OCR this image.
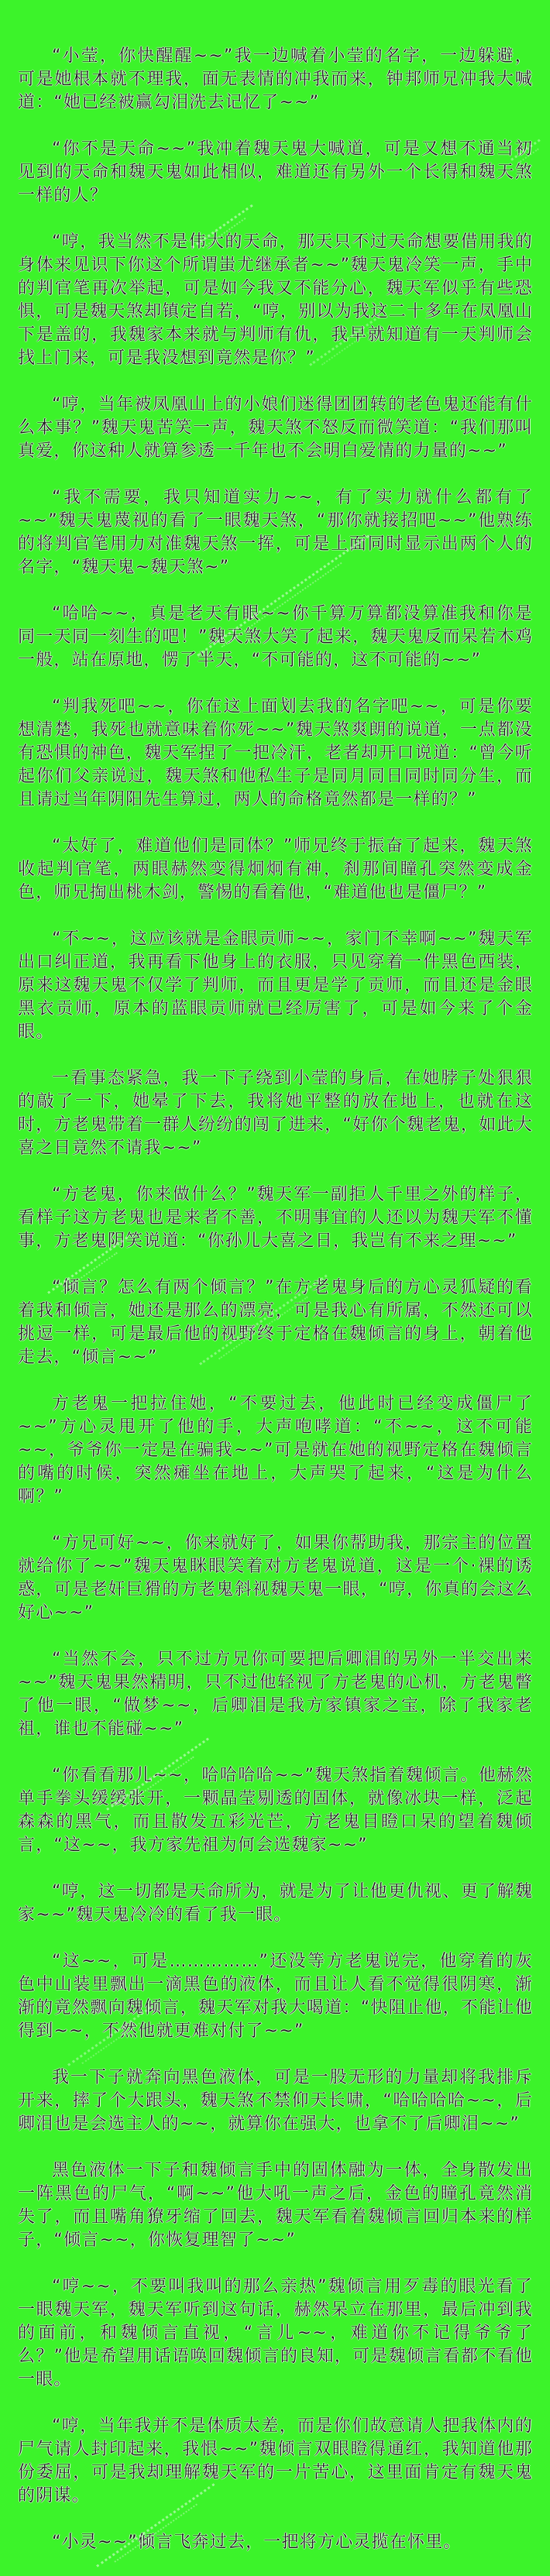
“小莹，你快醒醒~~”我一边喊着小莹的名字，一边躲避，可是她根本就不理我，面无表情的冲我而来，钟邦师兄冲我大喊道：“她已经被赢勾泪洗去记忆了~~”

“你不是天命~~”我冲着魏天鬼大喊道，可是又想不通当初见到的天命和魏天鬼如此相似，难道还有另外一个长得和魏天煞一样的人？

“哼，我当然不是伟大的天命，那天只不过天命想要借用我的身体来见识下你这个所谓蚩尤继承者~~”魏天鬼冷笑一声，手中的判官笔再次举起，可是如今我又不能分心，魏天军似乎有些恐惧，可是魏天煞却镇定自若，“哼，别以为我这二十多年在凤凰山下是盖的，我魏家本来就与判师有仇，我早就知道有一天判师会找上门来，可是我没想到竟然是你？”

“哼，当年被凤凰山上的小娘们迷得团团转的老色鬼还能有什么本事？”魏天鬼苦笑一声，魏天煞不怒反而微笑道：“我们那叫真爱，你这种人就算参透一千年也不会明白爱情的力量的~~”

“我不需要，我只知道实力~~，有了实力就什么都有了~~”魏天鬼蔑视的看了一眼魏天煞，“那你就接招吧~~”他熟练的将判官笔用力对准魏天煞一挥，可是上面同时显示出两个人的名字，“魏天鬼~魏天煞~”

“哈哈~~，真是老天有眼~~你千算万算都没算准我和你是同一天同一刻生的吧！”魏天煞大笑了起来，魏天鬼反而呆若木鸡一般，站在原地，愣了半天，“不可能的，这不可能的~~”

“判我死吧~~，你在这上面划去我的名字吧~~，可是你要想清楚，我死也就意味着你死~~”魏天煞爽朗的说道，一点都没有恐惧的神色，魏天军捏了一把冷汗，老者却开口说道：“曾今听起你们父亲说过，魏天煞和他私生子是同月同日同时同分生，而且请过当年阴阳先生算过，两人的命格竟然都是一样的？”

“太好了，难道他们是同体？”师兄终于振奋了起来，魏天煞收起判官笔，两眼赫然变得炯炯有神，刹那间瞳孔突然变成金色，师兄掏出桃木剑，警惕的看着他，“难道他也是僵尸？”

“不~~，这应该就是金眼贡师~~，家门不幸啊~~”魏天军出口纠正道，我再看下他身上的衣服，只见穿着一件黑色西装，原来这魏天鬼不仅学了判师，而且更是学了贡师，而且还是金眼黑衣贡师，原本的蓝眼贡师就已经厉害了，可是如今来了个金眼。

一看事态紧急，我一下子绕到小莹的身后，在她脖子处狠狠的敲了一下，她晕了下去，我将她平整的放在地上，也就在这时，方老鬼带着一群人纷纷的闯了进来，“好你个魏老鬼，如此大喜之日竟然不请我~~”

“方老鬼，你来做什么？”魏天军一副拒人千里之外的样子，看样子这方老鬼也是来者不善，不明事宜的人还以为魏天军不懂事，方老鬼阴笑说道：“你孙儿大喜之日，我岂有不来之理~~”

“倾言？怎么有两个倾言？”在方老鬼身后的方心灵狐疑的看着我和倾言，她还是那么的漂亮，可是我心有所属，不然还可以挑逗一样，可是最后他的视野终于定格在魏倾言的身上，朝着他走去，“倾言~~”

方老鬼一把拉住她，“不要过去，他此时已经变成僵尸了~~”方心灵甩开了他的手，大声咆哮道：“不~~，这不可能~~，爷爷你一定是在骗我~~”可是就在她的视野定格在魏倾言的嘴的时候，突然瘫坐在地上，大声哭了起来，“这是为什么啊？”

“方兄可好~~，你来就好了，如果你帮助我，那宗主的位置就给你了~~”魏天鬼眯眼笑着对方老鬼说道，这是一个·裸的诱惑，可是老奸巨猾的方老鬼斜视魏天鬼一眼，“哼，你真的会这么好心~~”

“当然不会，只不过方兄你可要把后卿泪的另外一半交出来~~”魏天鬼果然精明，只不过他轻视了方老鬼的心机，方老鬼瞥了他一眼，“做梦~~，后卿泪是我方家镇家之宝，除了我家老祖，谁也不能碰~~”

“你看看那儿~~，哈哈哈哈~~”魏天煞指着魏倾言。他赫然单手拳头缓缓张开，一颗晶莹剔透的固体，就像冰块一样，泛起森森的黑气，而且散发五彩光芒，方老鬼目瞪口呆的望着魏倾言，“这~~，我方家先祖为何会选魏家~~”

“哼，这一切都是天命所为，就是为了让他更仇视、更了解魏家~~”魏天鬼冷冷的看了我一眼。

“这~~，可是……………”还没等方老鬼说完，他穿着的灰色中山装里飘出一滴黑色的液体，而且让人看不觉得很阴寒，渐渐的竟然飘向魏倾言，魏天军对我大喝道：“快阻止他，不能让他得到~~，不然他就更难对付了~~”

我一下子就奔向黑色液体，可是一股无形的力量却将我排斥开来，摔了个大跟头，魏天煞不禁仰天长啸，“哈哈哈哈~~，后卿泪也是会选主人的~~，就算你在强大，也拿不了后卿泪~~”

黑色液体一下子和魏倾言手中的固体融为一体，全身散发出一阵黑色的尸气，“啊~~”他大吼一声之后，金色的瞳孔竟然消失了，而且嘴角獠牙缩了回去，魏天军看着魏倾言回归本来的样子，“倾言~~，你恢复理智了~~”

“哼~~，不要叫我叫的那么亲热”魏倾言用歹毒的眼光看了一眼魏天军，魏天军听到这句话，赫然呆立在那里，最后冲到我的面前，和魏倾言直视，“言儿~~，难道你不记得爷爷了么？”他是希望用话语唤回魏倾言的良知，可是魏倾言看都不看他一眼。

“哼，当年我并不是体质太差，而是你们故意请人把我体内的尸气请人封印起来，我恨~~”魏倾言双眼瞪得通红，我知道他那份委屈，可是我却理解魏天军的一片苦心，这里面肯定有魏天鬼的阴谋。

“小灵~~”倾言飞奔过去，一把将方心灵揽在怀里。
